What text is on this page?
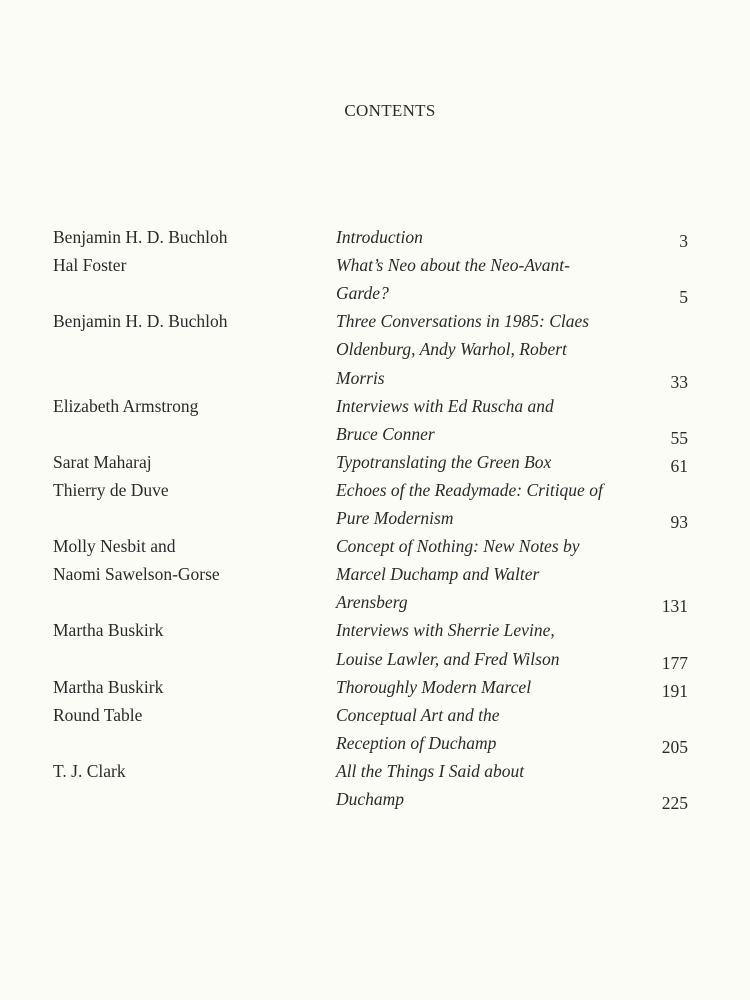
CONTENTS
Benjamin H. D. Buchloh	Introduction	3
Hal Foster	What’s Neo about the Neo-Avant-
Garde?	5
Benjamin H. D. Buchloh	Three Conversations in 1985: Claes
Oldenburg, Andy Warhol, Robert
Morris	33
Elizabeth Armstrong	Interviews with Ed Ruscha and
Bruce Conner	55
Sarat Maharaj	Typotranslating the Green Box	61
Thierry de Duve	Echoes of the Readymade: Critique of
Pure Modernism	93
Molly Nesbit and	Concept of Nothing: New Notes by
Naomi Sawelson-Gorse	Marcel Duchamp and Walter
Arensberg	131
Martha Buskirk	Interviews with Sherrie Levine,
Louise Lawler, and Fred Wilson	177
Martha Buskirk	Thoroughly Modern Marcel	191
Round Table	Conceptual Art and the
Reception of Duchamp	205
T. J. Clark	All the Things I Said about
Duchamp	225
